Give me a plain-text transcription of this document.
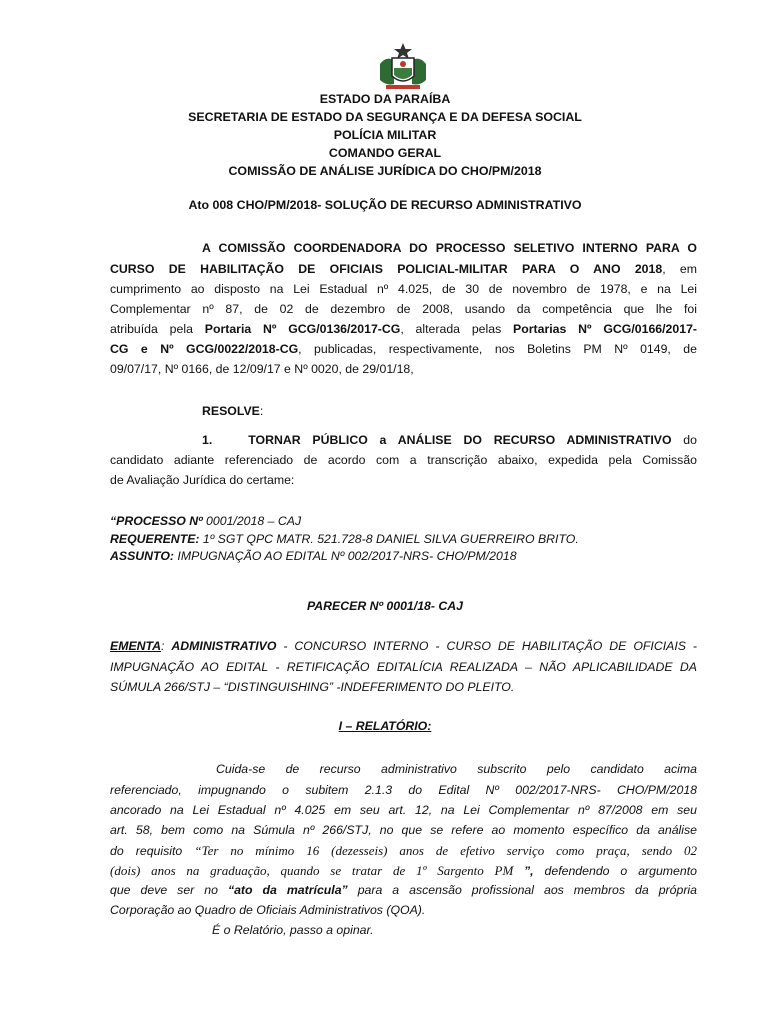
ESTADO DA PARAÍBA
SECRETARIA DE ESTADO DA SEGURANÇA E DA DEFESA SOCIAL
POLÍCIA MILITAR
COMANDO GERAL
COMISSÃO DE ANÁLISE JURÍDICA DO CHO/PM/2018
Ato 008 CHO/PM/2018- SOLUÇÃO DE RECURSO ADMINISTRATIVO
A COMISSÃO COORDENADORA DO PROCESSO SELETIVO INTERNO PARA O
CURSO DE HABILITAÇÃO DE OFICIAIS POLICIAL-MILITAR PARA O ANO 2018, em
cumprimento ao disposto na Lei Estadual nº 4.025, de 30 de novembro de 1978, e na Lei
Complementar nº 87, de 02 de dezembro de 2008, usando da competência que lhe foi
atribuída pela Portaria Nº GCG/0136/2017-CG, alterada pelas Portarias Nº GCG/0166/2017-
CG e Nº GCG/0022/2018-CG, publicadas, respectivamente, nos Boletins PM Nº 0149, de
09/07/17, Nº 0166, de 12/09/17 e Nº 0020, de 29/01/18,
RESOLVE:
1.	TORNAR PÚBLICO a ANÁLISE DO RECURSO ADMINISTRATIVO do
candidato adiante referenciado de acordo com a transcrição abaixo, expedida pela Comissão
de Avaliação Jurídica do certame:
“PROCESSO Nº 0001/2018 – CAJ
REQUERENTE: 1º SGT QPC MATR. 521.728-8 DANIEL SILVA GUERREIRO BRITO.
ASSUNTO: IMPUGNAÇÃO AO EDITAL Nº 002/2017-NRS- CHO/PM/2018
PARECER Nº 0001/18- CAJ
EMENTA: ADMINISTRATIVO - CONCURSO INTERNO - CURSO DE HABILITAÇÃO DE OFICIAIS -
IMPUGNAÇÃO AO EDITAL - RETIFICAÇÃO EDITALÍCIA REALIZADA – NÃO APLICABILIDADE DA
SÚMULA 266/STJ – “DISTINGUISHING” -INDEFERIMENTO DO PLEITO.
I – RELATÓRIO:
Cuida-se de recurso administrativo subscrito pelo candidato acima
referenciado, impugnando o subitem 2.1.3 do Edital Nº 002/2017-NRS- CHO/PM/2018
ancorado na Lei Estadual nº 4.025 em seu art. 12, na Lei Complementar nº 87/2008 em seu
art. 58, bem como na Súmula nº 266/STJ, no que se refere ao momento específico da análise
do requisito “Ter no mínimo 16 (dezesseis) anos de efetivo serviço como praça, sendo 02
(dois) anos na graduação, quando se tratar de 1º Sargento PM ”, defendendo o argumento
que deve ser no “ato da matrícula” para a ascensão profissional aos membros da própria
Corporação ao Quadro de Oficiais Administrativos (QOA).
É o Relatório, passo a opinar.
